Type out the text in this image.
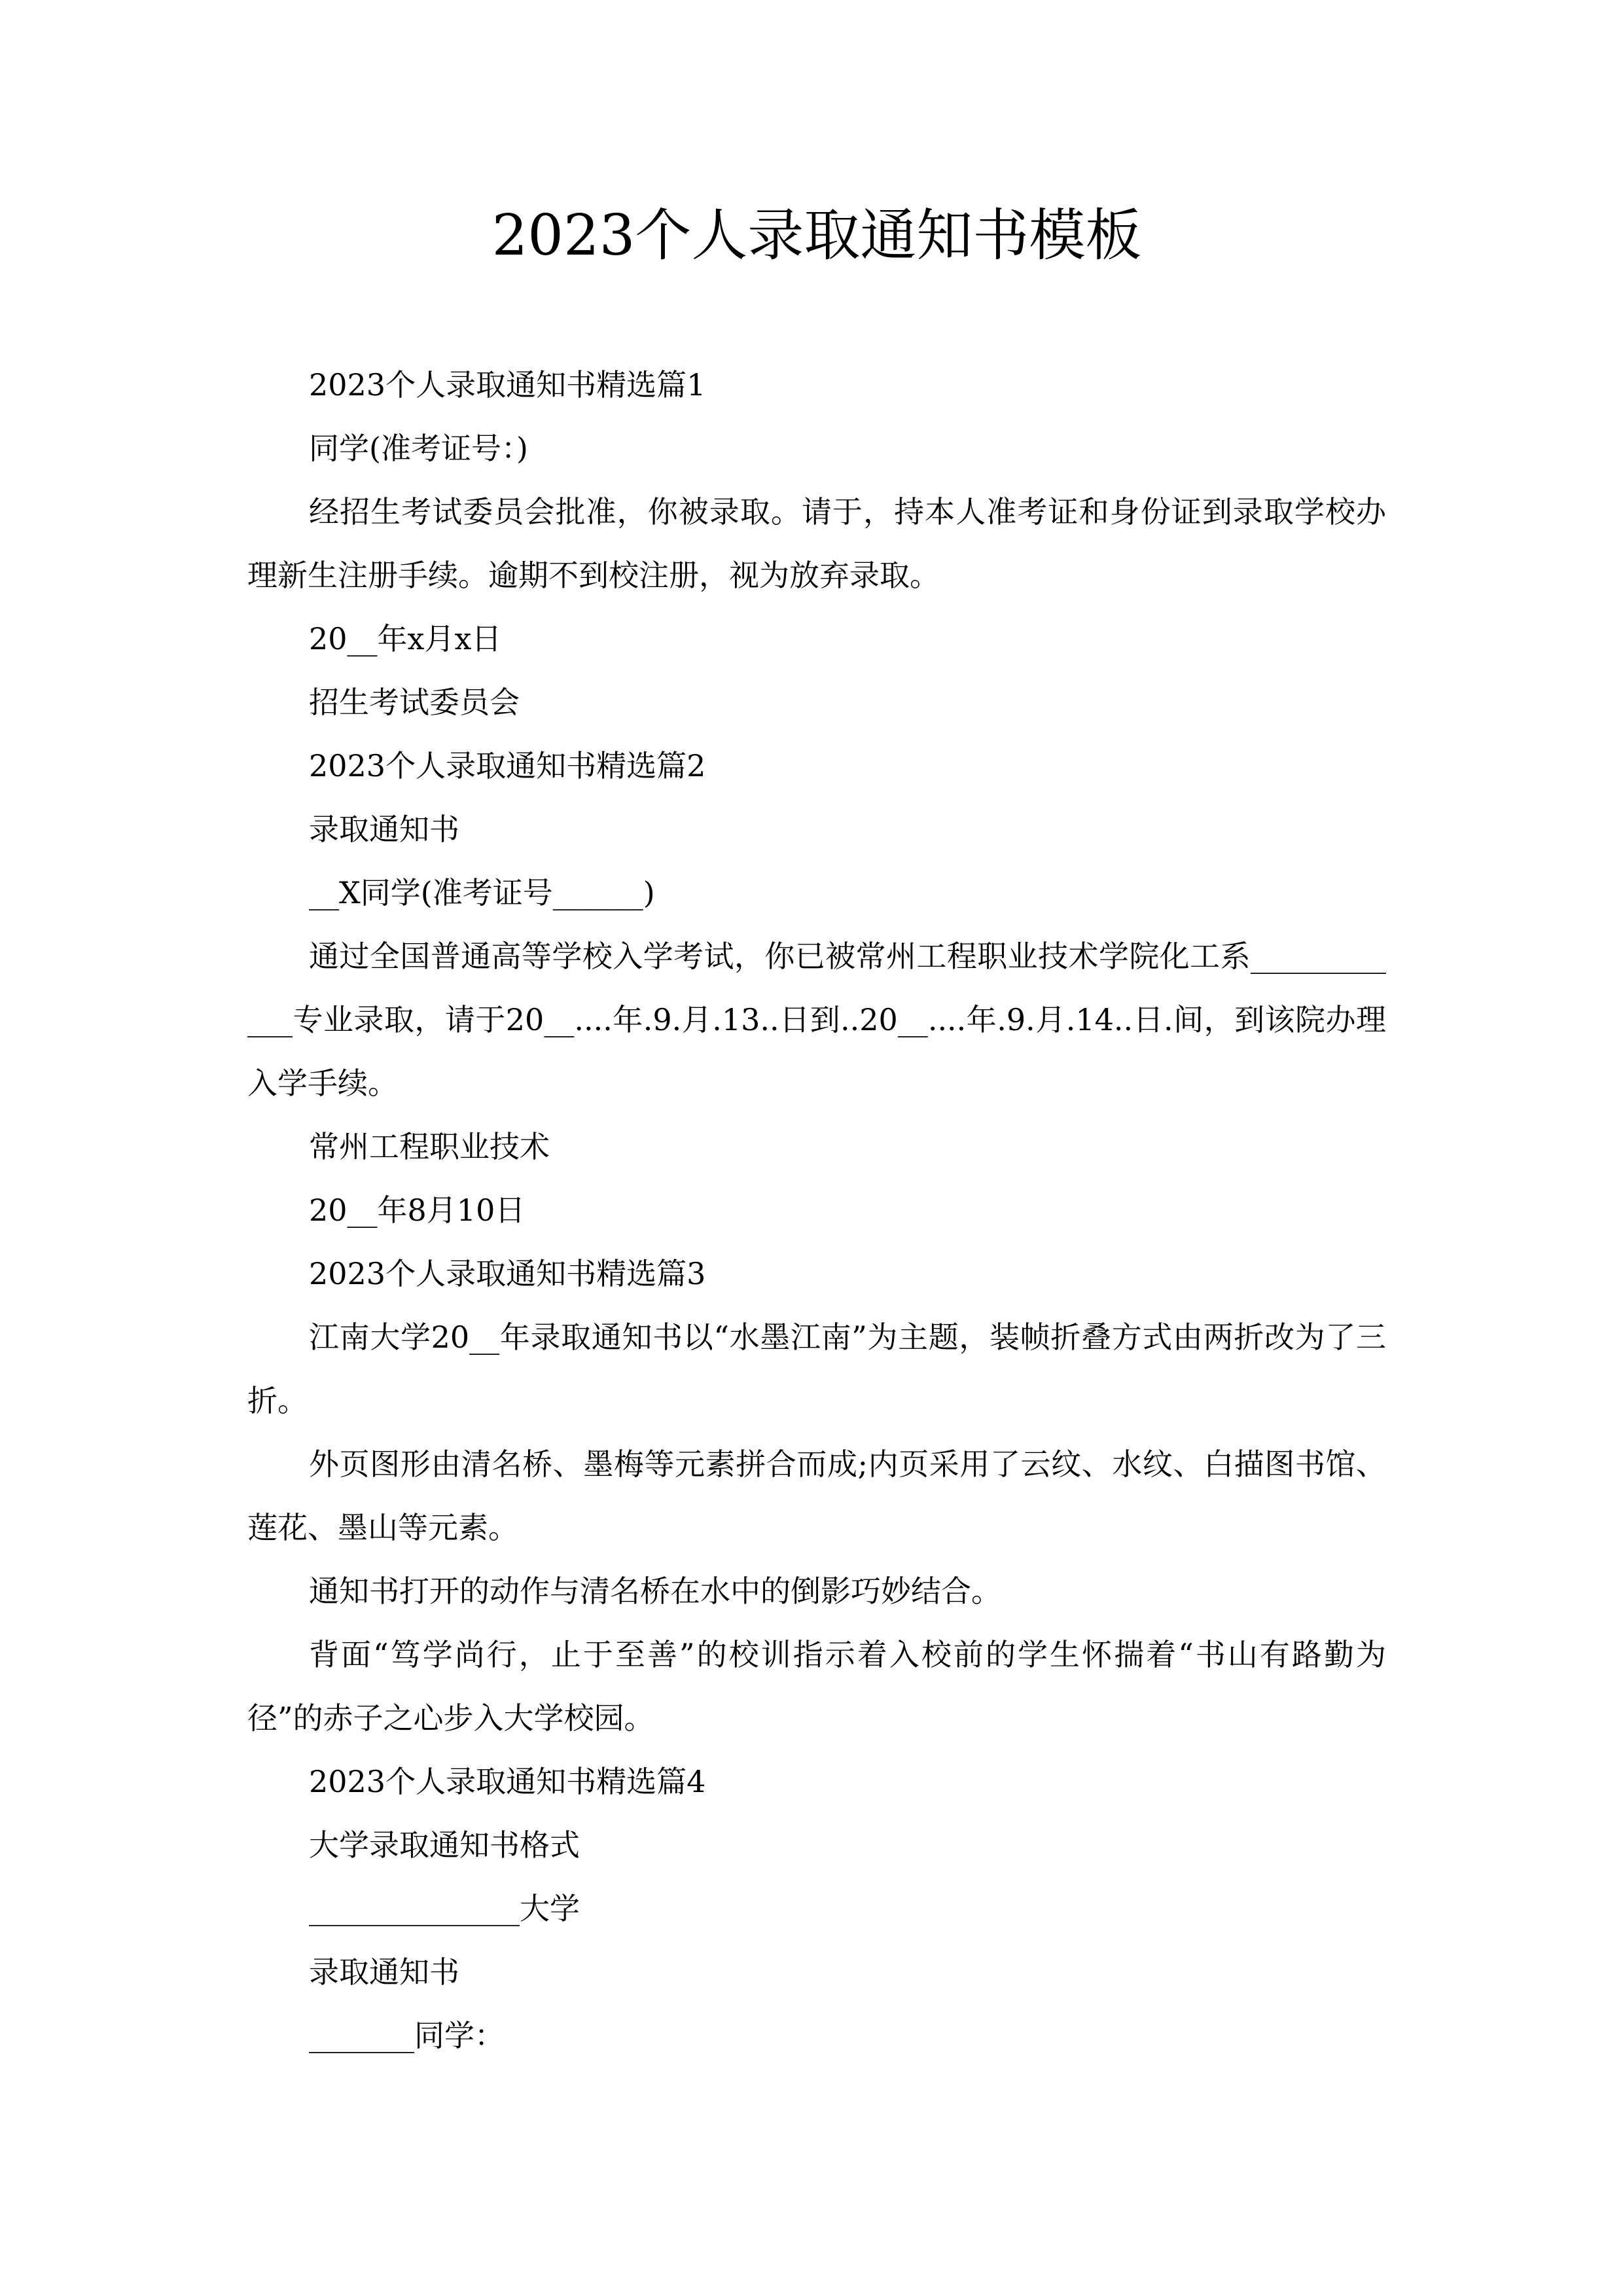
2023个人录取通知书模板

2023个人录取通知书精选篇1

同学(准考证号：)

经招生考试委员会批准，你被录取。请于，持本人准考证和身份证到录取学校办理新生注册手续。逾期不到校注册，视为放弃录取。

20__年x月x日

招生考试委员会

2023个人录取通知书精选篇2

录取通知书

__X同学(准考证号______)

通过全国普通高等学校入学考试，你已被常州工程职业技术学院化工系____________专业录取，请于20__....年.9.月.13..日到..20__....年.9.月.14..日.间，到该院办理入学手续。

常州工程职业技术

20__年8月10日

2023个人录取通知书精选篇3

江南大学20__年录取通知书以“水墨江南”为主题，装帧折叠方式由两折改为了三折。

外页图形由清名桥、墨梅等元素拼合而成;内页采用了云纹、水纹、白描图书馆、莲花、墨山等元素。

通知书打开的动作与清名桥在水中的倒影巧妙结合。

背面“笃学尚行，止于至善”的校训指示着入校前的学生怀揣着“书山有路勤为径”的赤子之心步入大学校园。

2023个人录取通知书精选篇4

大学录取通知书格式

______________大学

录取通知书

_______同学：
